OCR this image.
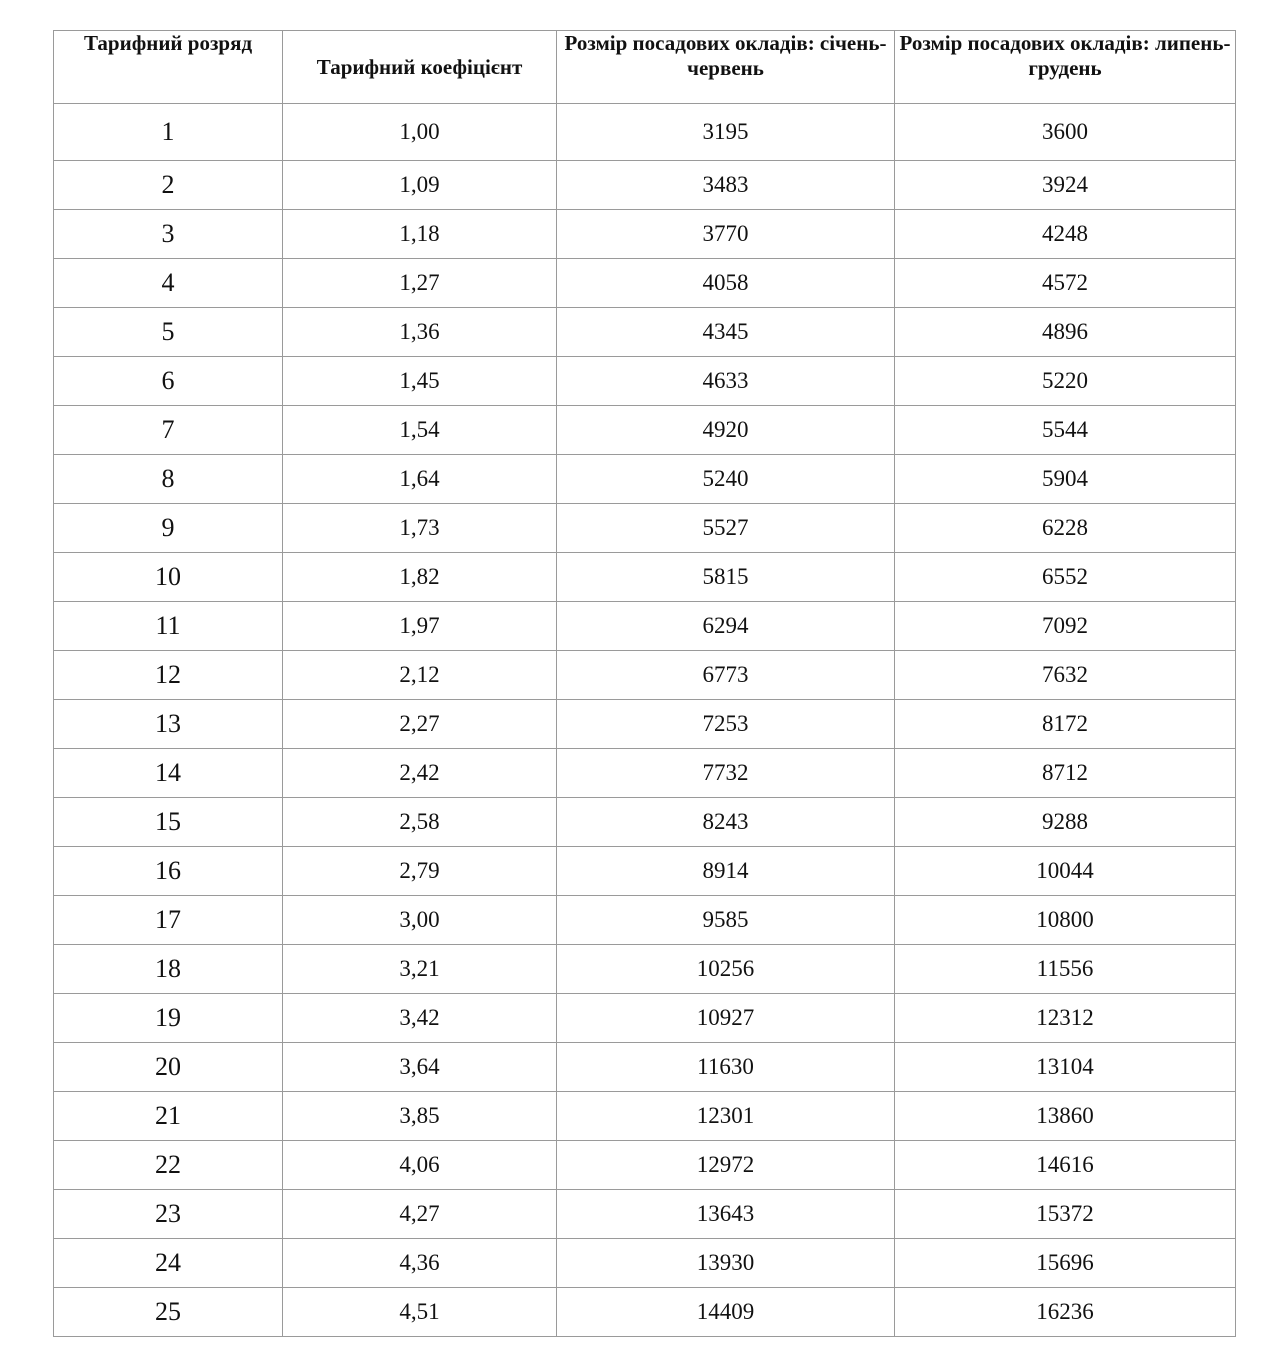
Тарифний розряд	Тарифний коефіцієнт	Розмір посадових окладів: січень-червень	Розмір посадових окладів: липень-грудень
1	1,00	3195	3600
2	1,09	3483	3924
3	1,18	3770	4248
4	1,27	4058	4572
5	1,36	4345	4896
6	1,45	4633	5220
7	1,54	4920	5544
8	1,64	5240	5904
9	1,73	5527	6228
10	1,82	5815	6552
11	1,97	6294	7092
12	2,12	6773	7632
13	2,27	7253	8172
14	2,42	7732	8712
15	2,58	8243	9288
16	2,79	8914	10044
17	3,00	9585	10800
18	3,21	10256	11556
19	3,42	10927	12312
20	3,64	11630	13104
21	3,85	12301	13860
22	4,06	12972	14616
23	4,27	13643	15372
24	4,36	13930	15696
25	4,51	14409	16236
